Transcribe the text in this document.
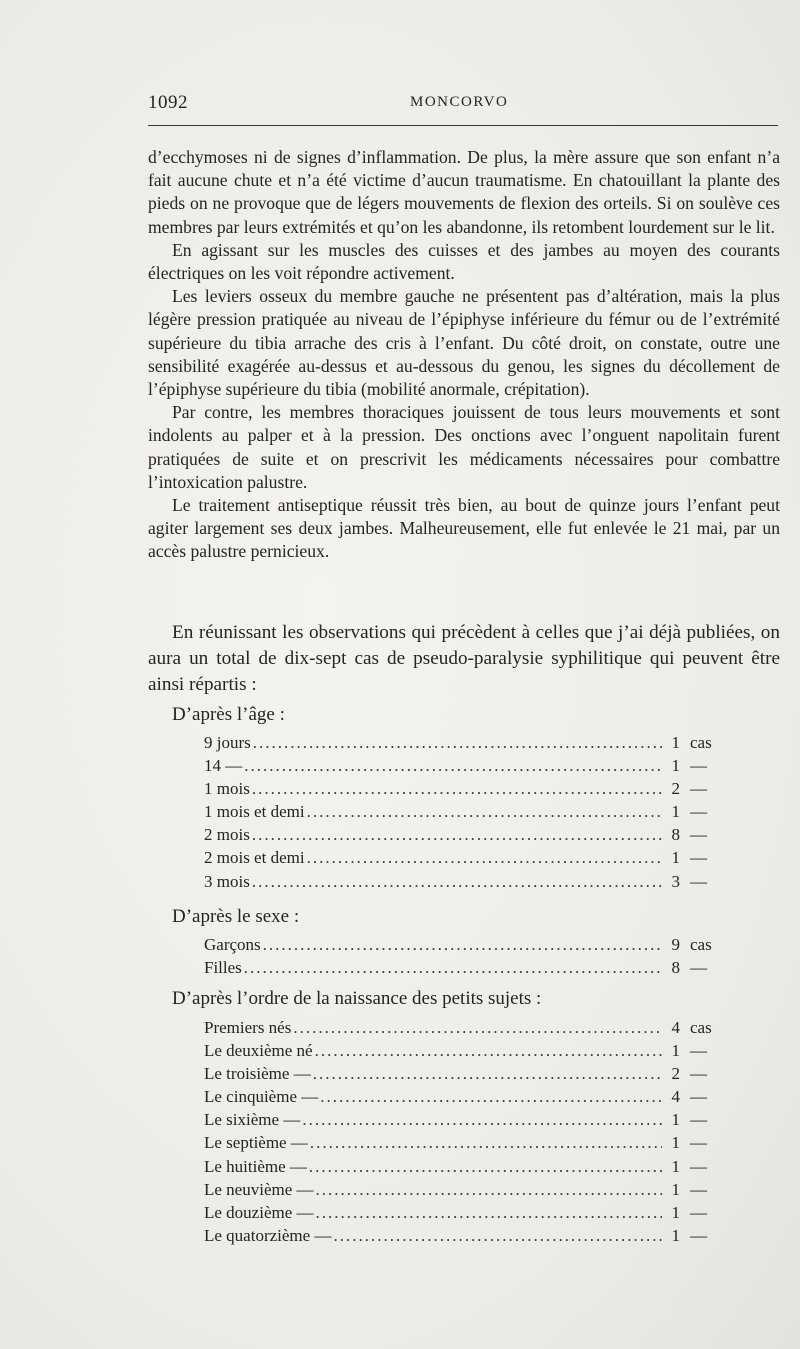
1092	MONCORVO

d’ecchymoses ni de signes d’inflammation. De plus, la mère assure que son enfant n’a fait aucune chute et n’a été victime d’aucun traumatisme. En chatouillant la plante des pieds on ne provoque que de légers mouvements de flexion des orteils. Si on soulève ces membres par leurs extrémités et qu’on les abandonne, ils retombent lourdement sur le lit.

En agissant sur les muscles des cuisses et des jambes au moyen des courants électriques on les voit répondre activement.

Les leviers osseux du membre gauche ne présentent pas d’altération, mais la plus légère pression pratiquée au niveau de l’épiphyse inférieure du fémur ou de l’extrémité supérieure du tibia arrache des cris à l’enfant. Du côté droit, on constate, outre une sensibilité exagérée au-dessus et au-dessous du genou, les signes du décollement de l’épiphyse supérieure du tibia (mobilité anormale, crépitation).

Par contre, les membres thoraciques jouissent de tous leurs mouvements et sont indolents au palper et à la pression. Des onctions avec l’onguent napolitain furent pratiquées de suite et on prescrivit les médicaments nécessaires pour combattre l’intoxication palustre.

Le traitement antiseptique réussit très bien, au bout de quinze jours l’enfant peut agiter largement ses deux jambes. Malheureusement, elle fut enlevée le 21 mai, par un accès palustre pernicieux.

En réunissant les observations qui précèdent à celles que j’ai déjà publiées, on aura un total de dix-sept cas de pseudo-paralysie syphilitique qui peuvent être ainsi répartis :

D’après l’âge :
9 jours .....	1 cas
14 — .....	1 —
1 mois .....	2 —
1 mois et demi .....	1 —
2 mois .....	8 —
2 mois et demi .....	1 —
3 mois .....	3 —
D’après le sexe :
Garçons .....	9 cas
Filles .....	8 —
D’après l’ordre de la naissance des petits sujets :
Premiers nés .....	4 cas
Le deuxième né .....	1 —
Le troisième — .....	2 —
Le cinquième — .....	4 —
Le sixième — .....	1 —
Le septième — .....	1 —
Le huitième — .....	1 —
Le neuvième — .....	1 —
Le douzième — .....	1 —
Le quatorzième — .....	1 —
